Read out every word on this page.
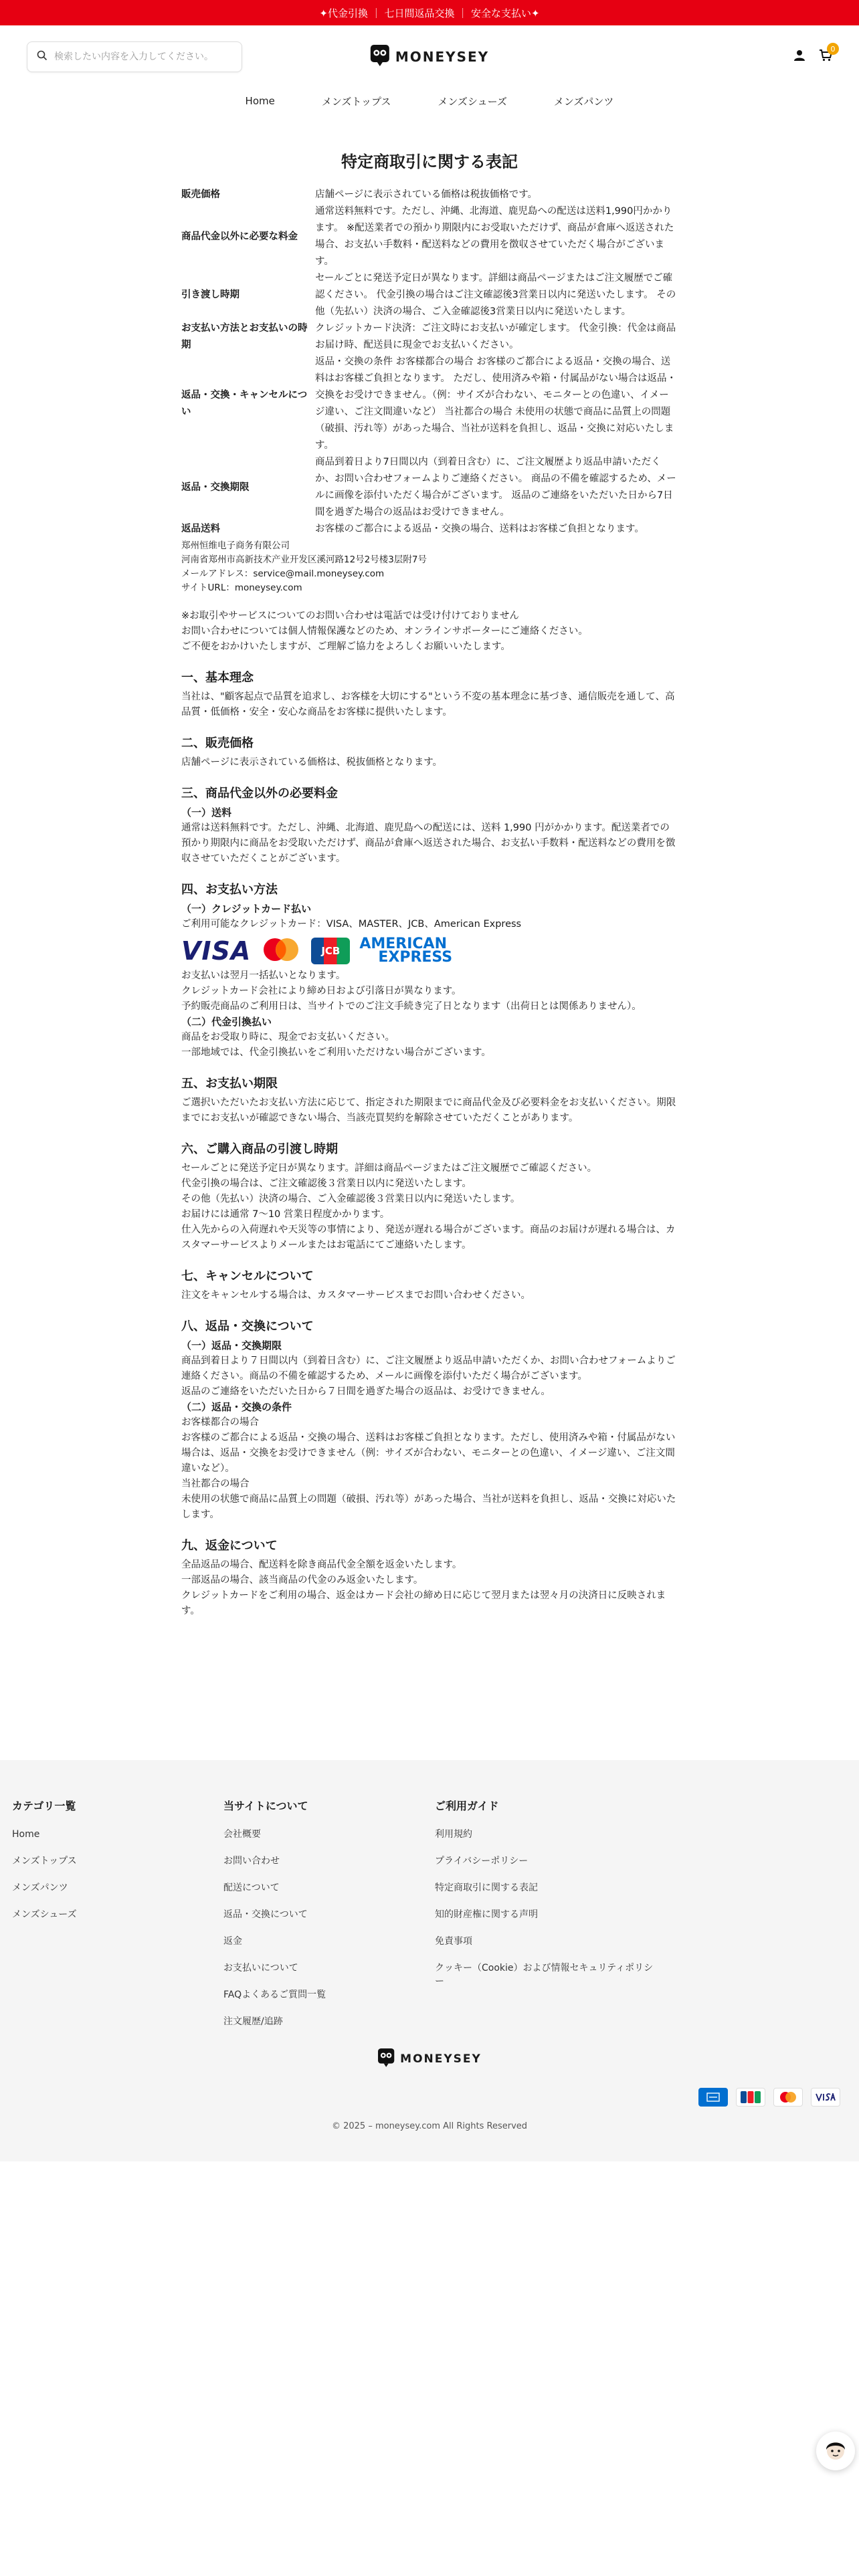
✦代金引換 ｜ 七日間返品交換 ｜ 安全な支払い✦
検索したい内容を入力してください。
MONEYSEY	0
Home	メンズトップス	メンズシューズ	メンズパンツ
特定商取引に関する表記
販売価格	店舗ページに表示されている価格は税抜価格です。
商品代金以外に必要な料金	通常送料無料です。ただし、沖縄、北海道、鹿児島への配送は送料1,990円かかります。 ※配送業者での預かり期限内にお受取いただけず、商品が倉庫へ返送された場合、お支払い手数料・配送料などの費用を徴収させていただく場合がございます。
引き渡し時期	セールごとに発送予定日が異なります。詳細は商品ページまたはご注文履歴でご確認ください。 代金引換の場合はご注文確認後3営業日以内に発送いたします。 その他（先払い）決済の場合、ご入金確認後3営業日以内に発送いたします。
お支払い方法とお支払いの時期	クレジットカード決済：ご注文時にお支払いが確定します。 代金引換：代金は商品お届け時、配送員に現金でお支払いください。
返品・交換・キャンセルについ	返品・交換の条件 お客様都合の場合 お客様のご都合による返品・交換の場合、送料はお客様ご負担となります。 ただし、使用済みや箱・付属品がない場合は返品・交換をお受けできません。（例：サイズが合わない、モニターとの色違い、イメージ違い、ご注文間違いなど） 当社都合の場合 未使用の状態で商品に品質上の問題（破損、汚れ等）があった場合、当社が送料を負担し、返品・交換に対応いたします。
返品・交換期限	商品到着日より7日間以内（到着日含む）に、ご注文履歴より返品申請いただくか、お問い合わせフォームよりご連絡ください。 商品の不備を確認するため、メールに画像を添付いただく場合がございます。 返品のご連絡をいただいた日から7日間を過ぎた場合の返品はお受けできません。
返品送料	お客様のご都合による返品・交換の場合、送料はお客様ご負担となります。
郑州恒维电子商务有限公司
河南省郑州市高新技术产业开发区溪河路12号2号楼3层附7号
メールアドレス：service@mail.moneysey.com
サイトURL：moneysey.com
※お取引やサービスについてのお問い合わせは電話では受け付けておりません
お問い合わせについては個人情報保護などのため、オンラインサポーターにご連絡ください。
ご不便をおかけいたしますが、ご理解ご協力をよろしくお願いいたします。
一、基本理念
当社は、"顧客起点で品質を追求し、お客様を大切にする"という不変の基本理念に基づき、通信販売を通して、高品質・低価格・安全・安心な商品をお客様に提供いたします。
二、販売価格
店舗ページに表示されている価格は、税抜価格となります。
三、商品代金以外の必要料金
（一）送料
通常は送料無料です。ただし、沖縄、北海道、鹿児島への配送には、送料 1,990 円がかかります。配送業者での預かり期限内に商品をお受取いただけず、商品が倉庫へ返送された場合、お支払い手数料・配送料などの費用を徴収させていただくことがございます。
四、お支払い方法
（一）クレジットカード払い
ご利用可能なクレジットカード：VISA、MASTER、JCB、American Express
VISA	JCB	AMERICAN
EXPRESS
お支払いは翌月一括払いとなります。
クレジットカード会社により締め日および引落日が異なります。
予約販売商品のご利用日は、当サイトでのご注文手続き完了日となります（出荷日とは関係ありません）。
（二）代金引換払い
商品をお受取り時に、現金でお支払いください。
一部地域では、代金引換払いをご利用いただけない場合がございます。
五、お支払い期限
ご選択いただいたお支払い方法に応じて、指定された期限までに商品代金及び必要料金をお支払いください。期限までにお支払いが確認できない場合、当該売買契約を解除させていただくことがあります。
六、ご購入商品の引渡し時期
セールごとに発送予定日が異なります。詳細は商品ページまたはご注文履歴でご確認ください。
代金引換の場合は、ご注文確認後３営業日以内に発送いたします。
その他（先払い）決済の場合、ご入金確認後３営業日以内に発送いたします。
お届けには通常 7〜10 営業日程度かかります。
仕入先からの入荷遅れや天災等の事情により、発送が遅れる場合がございます。商品のお届けが遅れる場合は、カスタマーサービスよりメールまたはお電話にてご連絡いたします。
七、キャンセルについて
注文をキャンセルする場合は、カスタマーサービスまでお問い合わせください。
八、返品・交換について
（一）返品・交換期限
商品到着日より７日間以内（到着日含む）に、ご注文履歴より返品申請いただくか、お問い合わせフォームよりご連絡ください。商品の不備を確認するため、メールに画像を添付いただく場合がございます。
返品のご連絡をいただいた日から７日間を過ぎた場合の返品は、お受けできません。
（二）返品・交換の条件
お客様都合の場合
お客様のご都合による返品・交換の場合、送料はお客様ご負担となります。ただし、使用済みや箱・付属品がない場合は、返品・交換をお受けできません（例：サイズが合わない、モニターとの色違い、イメージ違い、ご注文間違いなど）。
当社都合の場合
未使用の状態で商品に品質上の問題（破損、汚れ等）があった場合、当社が送料を負担し、返品・交換に対応いたします。
九、返金について
全品返品の場合、配送料を除き商品代金全額を返金いたします。
一部返品の場合、該当商品の代金のみ返金いたします。
クレジットカードをご利用の場合、返金はカード会社の締め日に応じて翌月または翌々月の決済日に反映されます。
カテゴリ一覧
Home
メンズトップス
メンズパンツ
メンズシューズ
当サイトについて
会社概要
お問い合わせ
配送について
返品・交換について
返金
お支払いについて
FAQよくあるご質問一覧
注文履歴/追跡
ご利用ガイド
利用規約
プライバシーポリシー
特定商取引に関する表記
知的財産権に関する声明
免責事項
クッキー（Cookie）および情報セキュリティポリシー
MONEYSEY
© 2025 – moneysey.com All Rights Reserved
